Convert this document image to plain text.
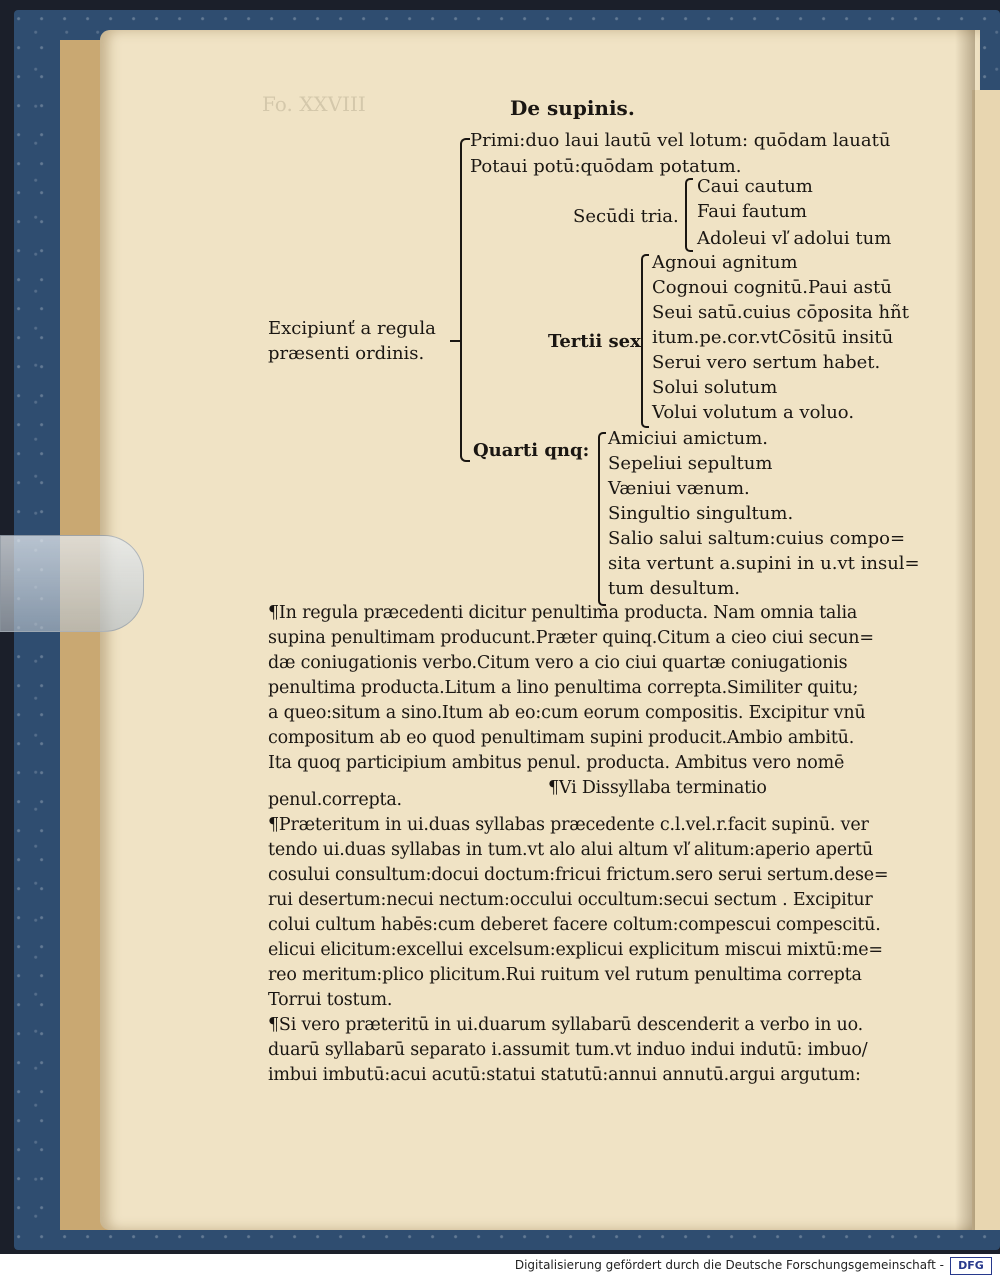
Fo. XXVIII	De supinis.
Excipiunť a regula
præsenti ordinis.
Primi:duo laui lautū vel lotum: quōdam lauatū
Potaui potū:quōdam potatum.
Secūdi tria.
Caui cautum
Faui fautum
Adoleui vľ adolui tum
Tertii sex
Agnoui agnitum
Cognoui cognitū.Paui astū
Seui satū.cuius cōposita hñt
itum.pe.cor.vtCōsitū insitū
Serui vero sertum habet.
Solui solutum
Volui volutum a voluo.
Quarti qnq:
Amiciui amictum.
Sepeliui sepultum
Væniui vænum.
Singultio singultum.
Salio salui saltum:cuius compo=
sita vertunt a.supini in u.vt insul=
tum desultum.
¶In regula præcedenti dicitur penultima producta. Nam omnia talia
supina penultimam producunt.Præter quinq.Citum a cieo ciui secun=
dæ coniugationis verbo.Citum vero a cio ciui quartæ coniugationis
penultima producta.Litum a lino penultima correpta.Similiter quitu;
a queo:situm a sino.Itum ab eo:cum eorum compositis. Excipitur vnū
compositum ab eo quod penultimam supini producit.Ambio ambitū.
Ita quoq participium ambitus penul. producta. Ambitus vero nomē
penul.correpta.
¶Vi Dissyllaba terminatio
¶Præteritum in ui.duas syllabas præcedente c.l.vel.r.facit supinū. ver
tendo ui.duas syllabas in tum.vt alo alui altum vľ alitum:aperio apertū
cosului consultum:docui doctum:fricui frictum.sero serui sertum.dese=
rui desertum:necui nectum:occului occultum:secui sectum . Excipitur
colui cultum habēs:cum deberet facere coltum:compescui compescitū.
elicui elicitum:excellui excelsum:explicui explicitum miscui mixtū:me=
reo meritum:plico plicitum.Rui ruitum vel rutum penultima correpta
Torrui tostum.
¶Si vero præteritū in ui.duarum syllabarū descenderit a verbo in uo.
duarū syllabarū separato i.assumit tum.vt induo indui indutū: imbuo/
imbui imbutū:acui acutū:statui statutū:annui annutū.argui argutum:
Digitalisierung gefördert durch die Deutsche Forschungsgemeinschaft -	DFG
